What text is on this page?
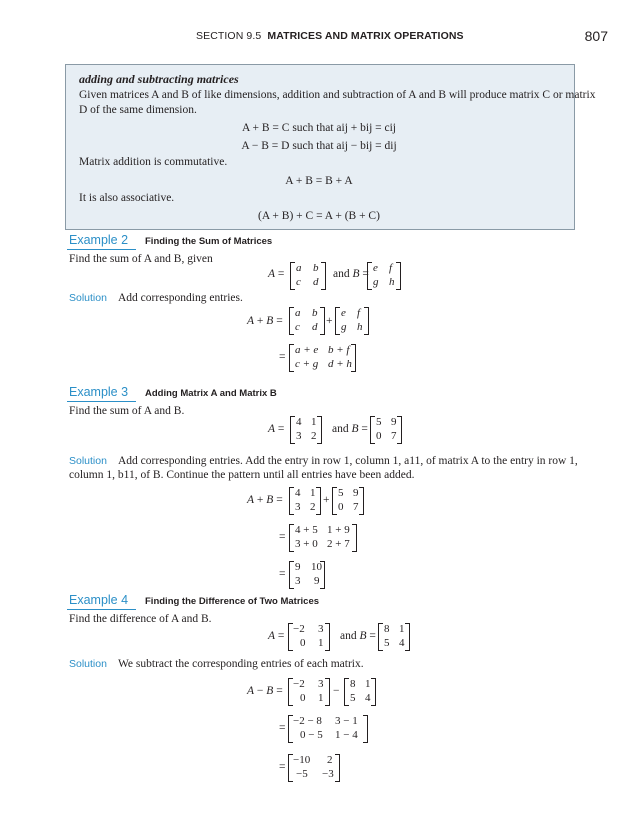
SECTION 9.5 MATRICES AND MATRIX OPERATIONS	807
adding and subtracting matrices
Given matrices A and B of like dimensions, addition and subtraction of A and B will produce matrix C or matrix
D of the same dimension.
A + B = C such that aij + bij = cij
A − B = D such that aij − bij = dij
Matrix addition is commutative.
A + B = B + A
It is also associative.
(A + B) + C = A + (B + C)
Example 2 Finding the Sum of Matrices
Find the sum of A and B, given
A = a b
c d
and B = e f
g h
Solution Add corresponding entries.
A + B =
a b
c d +
e f
g h
=
a + e b + f
c + g d + h
Example 3 Adding Matrix A and Matrix B
Find the sum of A and B.
A =
4 1
3 2
and B =
5 9
0 7
Solution Add corresponding entries. Add the entry in row 1, column 1, a11, of matrix A to the entry in row 1,
column 1, b11, of B. Continue the pattern until all entries have been added.
A + B =
4 1
3 2
+
5 9
0 7
=
4 + 5 1 + 9
3 + 0 2 + 7
=
9 10
3 9
Example 4 Finding the Difference of Two Matrices
Find the difference of A and B.
A =
−2 3
0 1
and B =
8 1
5 4
Solution We subtract the corresponding entries of each matrix.
A − B =
−2 3
0 1
−
8 1
5 4
=
−2 − 8 3 − 1
0 − 5 1 − 4
=
−10 2
−5 −3
